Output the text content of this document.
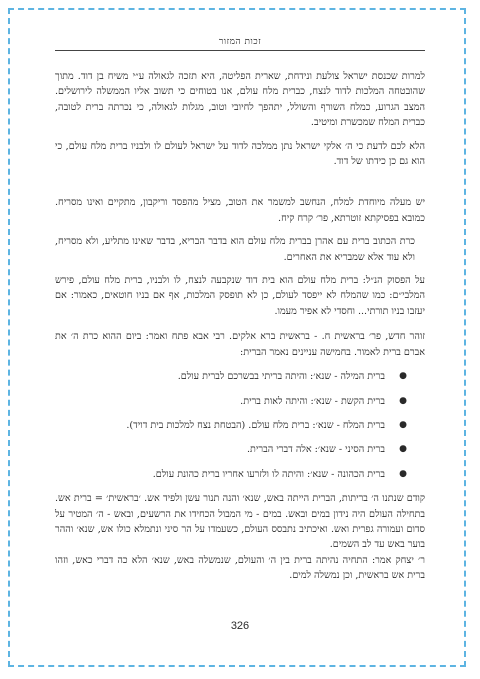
זכות המזור

למרות שכנסת ישראל צולעת ונידחת, שארית הפליטה, היא תזכה לגאולה ע״י משיח בן דוד. מתוך שהובטחה המלכות לדוד לנצח, כברית מלח עולם, אנו בטוחים כי תשוב אליו הממשלה לירושלים. המצב הגרוע, כמלח השורף והשולל, יתהפך לחיובי וטוב, מגלות לגאולה, כי נכרתה ברית לטובה, כברית המלח שמכשרת ומיטיב.

הלא לכם לדעת כי ה׳ אלקי ישראל נתן ממלכה לדוד על ישראל לעולם לו ולבניו ברית מלח עולם, כי הוא גם כן כידתו של דוד.

יש מעלה מיוחדת למלח, הנחשב למשמר את הטוב, מציל מהפסד וריקבון, מתקיים ואינו מסריח. כמובא בפסיקתא זוטרתא, פר׳ קרח קיח.

כרת הכתוב ברית עם אהרן בברית מלח עולם הוא בדבר הבריא, בדבר שאינו מתליע, ולא מסריח, ולא עוד אלא שמבריא את האחרים.

על הפסוק הנ״ל: ברית מלח עולם הוא בית דוד שנקבעה לנצח, לו ולבניו, ברית מלח עולם, פירש המלבי״ם: כמו שהמלח לא ייפסד לעולם, כן לא תופסק המלכות, אף אם בניו חוטאים, כאמור: אם יעזבו בניו תורתי... וחסדי לא אפיר מעמו.

זוהר חדש, פר׳ בראשית ח. - בראשית ברא אלקים. רבי אבא פתח ואמר: ביום ההוא כרת ה׳ את אברם ברית לאמור. בחמישה עניינים נאמר הברית:

●
ברית המילה - שנא׳: והיתה בריתי בבשרכם לברית עולם.
●
ברית הקשת - שנא׳: והיתה לאות ברית.
●
ברית המלח - שנא׳: ברית מלח עולם. (הבטחת נצח למלכות בית דויד).
●
ברית הסיני - שנא׳: אלה דברי הברית.
●
ברית הכהונה - שנא׳: והיתה לו ולזרעו אחריו ברית כהונת עולם.

קודם שנתנו ה׳ בריתות, הברית הייתה באש, שנא׳ והנה תנור עשן ולפיד אש. ׳בראשית׳ = ברית אש. בתחילה העולם היה נידון במים ובאש. במים - מי המבול הכחידו את הרשעים, ובאש - ה׳ המטיר על סדום ועמורה גפרית ואש. ואיכתיב נתבסס העולם, כשעמדו על הר סיני ונתמלא כולו אש, שנא׳ וההר בוער באש עד לב השמים.

ר׳ יצחק אמר: התחיה נהיתה ברית בין ה׳ והעולם, שנמשלה באש, שנא׳ הלא כה דברי כאש, וזהו ברית אש בראשית, וכן נמשלה למים.

326
